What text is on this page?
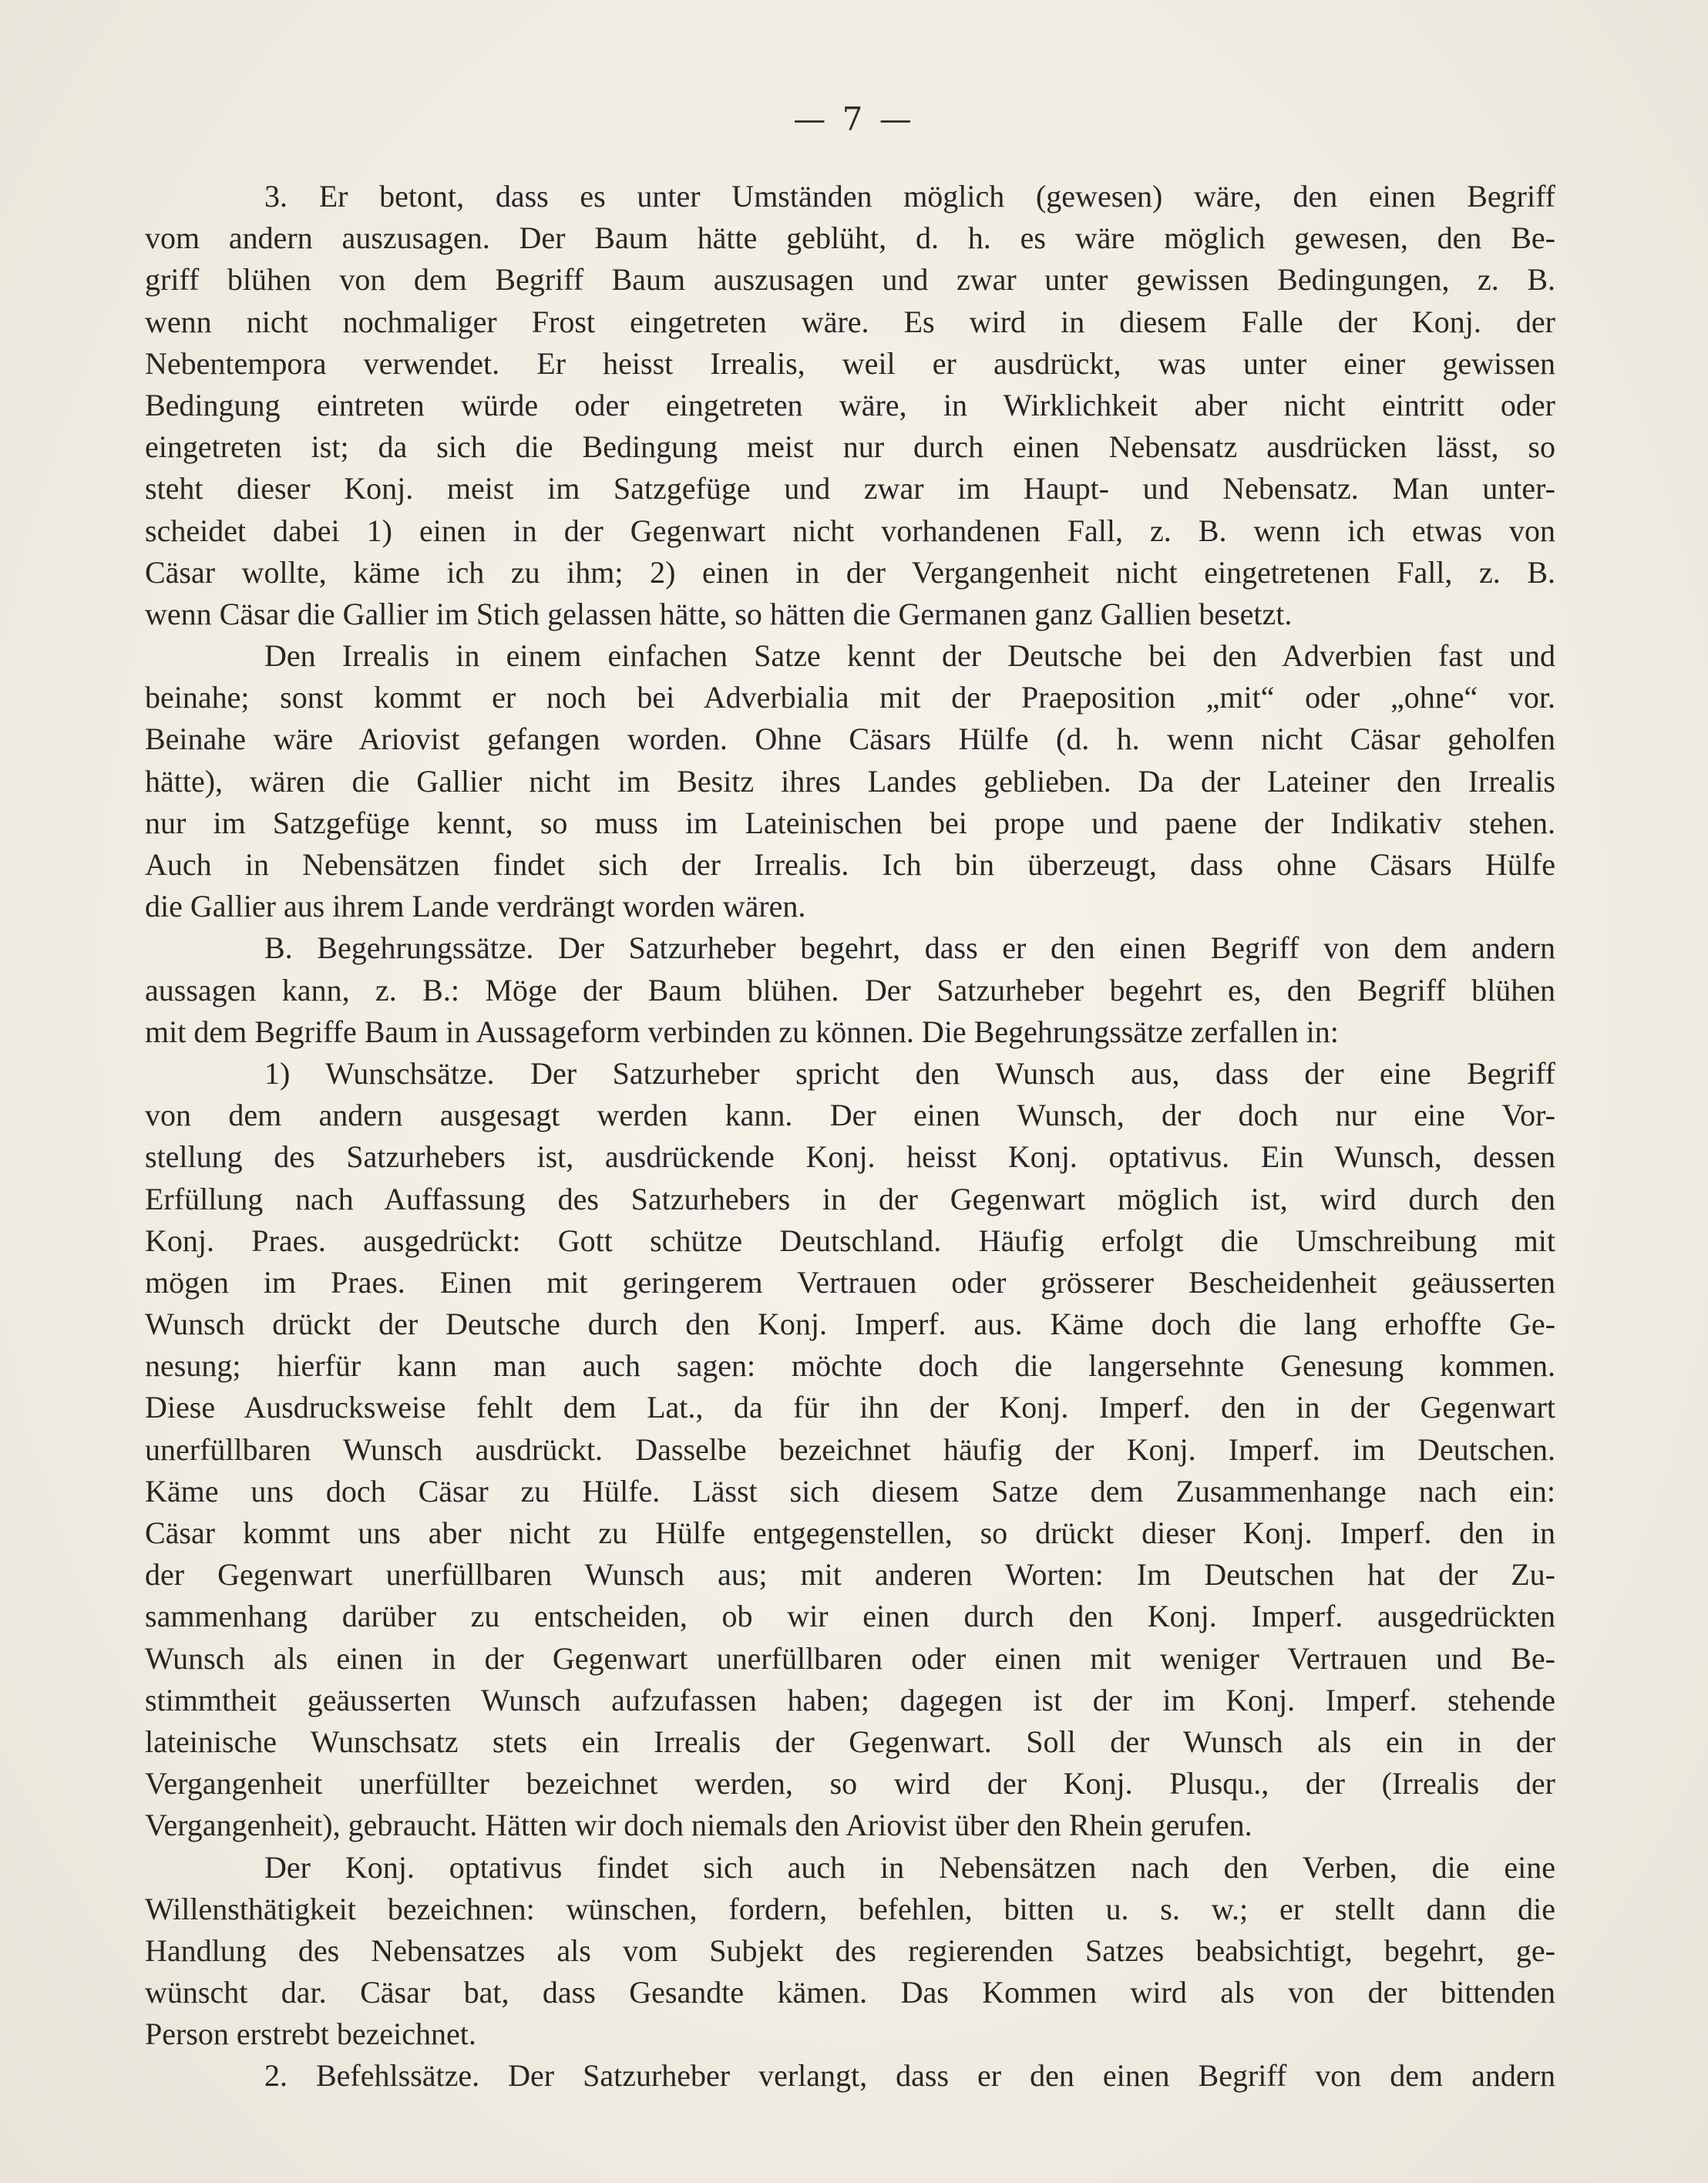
— 7 —
3. Er betont, dass es unter Umständen möglich (gewesen) wäre, den einen Begriff
vom andern auszusagen. Der Baum hätte geblüht, d. h. es wäre möglich gewesen, den Be-
griff blühen von dem Begriff Baum auszusagen und zwar unter gewissen Bedingungen, z. B.
wenn nicht nochmaliger Frost eingetreten wäre. Es wird in diesem Falle der Konj. der
Nebentempora verwendet. Er heisst Irrealis, weil er ausdrückt, was unter einer gewissen
Bedingung eintreten würde oder eingetreten wäre, in Wirklichkeit aber nicht eintritt oder
eingetreten ist; da sich die Bedingung meist nur durch einen Nebensatz ausdrücken lässt, so
steht dieser Konj. meist im Satzgefüge und zwar im Haupt- und Nebensatz. Man unter-
scheidet dabei 1) einen in der Gegenwart nicht vorhandenen Fall, z. B. wenn ich etwas von
Cäsar wollte, käme ich zu ihm; 2) einen in der Vergangenheit nicht eingetretenen Fall, z. B.
wenn Cäsar die Gallier im Stich gelassen hätte, so hätten die Germanen ganz Gallien besetzt.
Den Irrealis in einem einfachen Satze kennt der Deutsche bei den Adverbien fast und
beinahe; sonst kommt er noch bei Adverbialia mit der Praeposition „mit“ oder „ohne“ vor.
Beinahe wäre Ariovist gefangen worden. Ohne Cäsars Hülfe (d. h. wenn nicht Cäsar geholfen
hätte), wären die Gallier nicht im Besitz ihres Landes geblieben. Da der Lateiner den Irrealis
nur im Satzgefüge kennt, so muss im Lateinischen bei prope und paene der Indikativ stehen.
Auch in Nebensätzen findet sich der Irrealis. Ich bin überzeugt, dass ohne Cäsars Hülfe
die Gallier aus ihrem Lande verdrängt worden wären.
B. Begehrungssätze. Der Satzurheber begehrt, dass er den einen Begriff von dem andern
aussagen kann, z. B.: Möge der Baum blühen. Der Satzurheber begehrt es, den Begriff blühen
mit dem Begriffe Baum in Aussageform verbinden zu können. Die Begehrungssätze zerfallen in:
1) Wunschsätze. Der Satzurheber spricht den Wunsch aus, dass der eine Begriff
von dem andern ausgesagt werden kann. Der einen Wunsch, der doch nur eine Vor-
stellung des Satzurhebers ist, ausdrückende Konj. heisst Konj. optativus. Ein Wunsch, dessen
Erfüllung nach Auffassung des Satzurhebers in der Gegenwart möglich ist, wird durch den
Konj. Praes. ausgedrückt: Gott schütze Deutschland. Häufig erfolgt die Umschreibung mit
mögen im Praes. Einen mit geringerem Vertrauen oder grösserer Bescheidenheit geäusserten
Wunsch drückt der Deutsche durch den Konj. Imperf. aus. Käme doch die lang erhoffte Ge-
nesung; hierfür kann man auch sagen: möchte doch die langersehnte Genesung kommen.
Diese Ausdrucksweise fehlt dem Lat., da für ihn der Konj. Imperf. den in der Gegenwart
unerfüllbaren Wunsch ausdrückt. Dasselbe bezeichnet häufig der Konj. Imperf. im Deutschen.
Käme uns doch Cäsar zu Hülfe. Lässt sich diesem Satze dem Zusammenhange nach ein:
Cäsar kommt uns aber nicht zu Hülfe entgegenstellen, so drückt dieser Konj. Imperf. den in
der Gegenwart unerfüllbaren Wunsch aus; mit anderen Worten: Im Deutschen hat der Zu-
sammenhang darüber zu entscheiden, ob wir einen durch den Konj. Imperf. ausgedrückten
Wunsch als einen in der Gegenwart unerfüllbaren oder einen mit weniger Vertrauen und Be-
stimmtheit geäusserten Wunsch aufzufassen haben; dagegen ist der im Konj. Imperf. stehende
lateinische Wunschsatz stets ein Irrealis der Gegenwart. Soll der Wunsch als ein in der
Vergangenheit unerfüllter bezeichnet werden, so wird der Konj. Plusqu., der (Irrealis der
Vergangenheit), gebraucht. Hätten wir doch niemals den Ariovist über den Rhein gerufen.
Der Konj. optativus findet sich auch in Nebensätzen nach den Verben, die eine
Willensthätigkeit bezeichnen: wünschen, fordern, befehlen, bitten u. s. w.; er stellt dann die
Handlung des Nebensatzes als vom Subjekt des regierenden Satzes beabsichtigt, begehrt, ge-
wünscht dar. Cäsar bat, dass Gesandte kämen. Das Kommen wird als von der bittenden
Person erstrebt bezeichnet.
2. Befehlssätze. Der Satzurheber verlangt, dass er den einen Begriff von dem andern
